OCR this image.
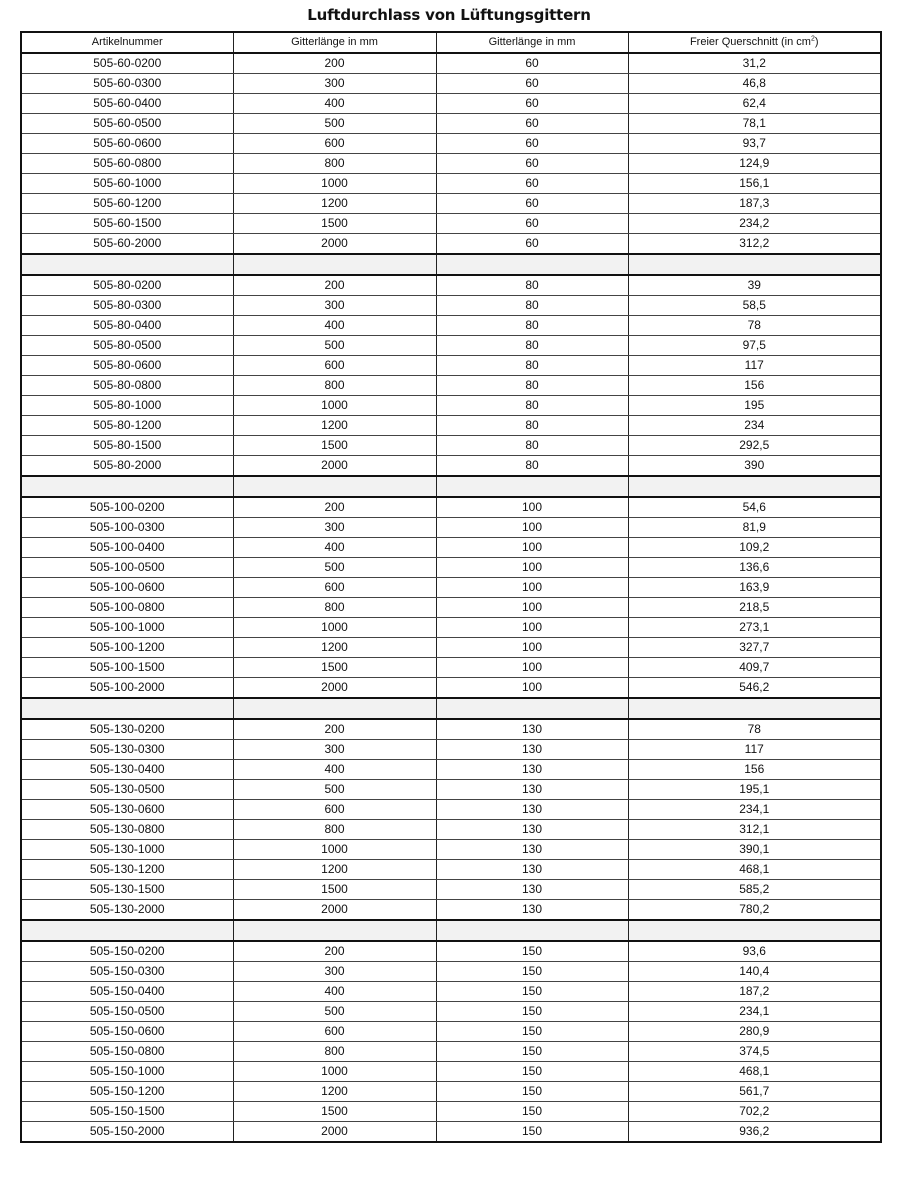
Luftdurchlass von Lüftungsgittern
Artikelnummer	Gitterlänge in mm	Gitterlänge in mm	Freier Querschnitt (in $cm^2$)
505-60-0200	200	60	31,2
505-60-0300	300	60	46,8
505-60-0400	400	60	62,4
505-60-0500	500	60	78,1
505-60-0600	600	60	93,7
505-60-0800	800	60	124,9
505-60-1000	1000	60	156,1
505-60-1200	1200	60	187,3
505-60-1500	1500	60	234,2
505-60-2000	2000	60	312,2

505-80-0200	200	80	39
505-80-0300	300	80	58,5
505-80-0400	400	80	78
505-80-0500	500	80	97,5
505-80-0600	600	80	117
505-80-0800	800	80	156
505-80-1000	1000	80	195
505-80-1200	1200	80	234
505-80-1500	1500	80	292,5
505-80-2000	2000	80	390

505-100-0200	200	100	54,6
505-100-0300	300	100	81,9
505-100-0400	400	100	109,2
505-100-0500	500	100	136,6
505-100-0600	600	100	163,9
505-100-0800	800	100	218,5
505-100-1000	1000	100	273,1
505-100-1200	1200	100	327,7
505-100-1500	1500	100	409,7
505-100-2000	2000	100	546,2

505-130-0200	200	130	78
505-130-0300	300	130	117
505-130-0400	400	130	156
505-130-0500	500	130	195,1
505-130-0600	600	130	234,1
505-130-0800	800	130	312,1
505-130-1000	1000	130	390,1
505-130-1200	1200	130	468,1
505-130-1500	1500	130	585,2
505-130-2000	2000	130	780,2

505-150-0200	200	150	93,6
505-150-0300	300	150	140,4
505-150-0400	400	150	187,2
505-150-0500	500	150	234,1
505-150-0600	600	150	280,9
505-150-0800	800	150	374,5
505-150-1000	1000	150	468,1
505-150-1200	1200	150	561,7
505-150-1500	1500	150	702,2
505-150-2000	2000	150	936,2
